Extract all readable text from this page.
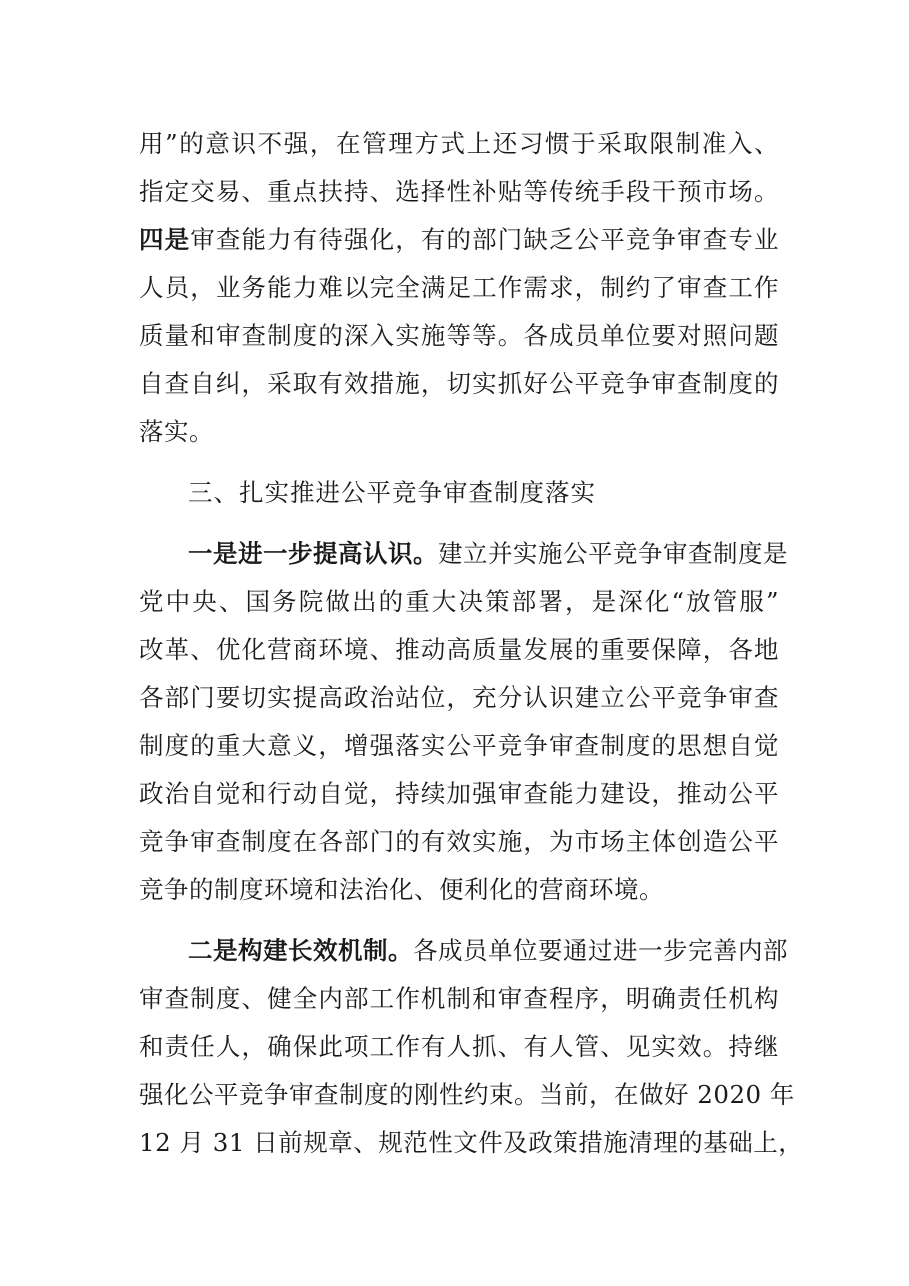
用”的意识不强，在管理方式上还习惯于采取限制准入、
指定交易、重点扶持、选择性补贴等传统手段干预市场。
四是审查能力有待强化，有的部门缺乏公平竞争审查专业
人员，业务能力难以完全满足工作需求，制约了审查工作
质量和审查制度的深入实施等等。各成员单位要对照问题
自查自纠，采取有效措施，切实抓好公平竞争审查制度的
落实。
三、扎实推进公平竞争审查制度落实
一是进一步提高认识。建立并实施公平竞争审查制度是
党中央、国务院做出的重大决策部署，是深化“放管服”
改革、优化营商环境、推动高质量发展的重要保障，各地
各部门要切实提高政治站位，充分认识建立公平竞争审查
制度的重大意义，增强落实公平竞争审查制度的思想自觉
政治自觉和行动自觉，持续加强审查能力建设，推动公平
竞争审查制度在各部门的有效实施，为市场主体创造公平
竞争的制度环境和法治化、便利化的营商环境。
二是构建长效机制。各成员单位要通过进一步完善内部
审查制度、健全内部工作机制和审查程序，明确责任机构
和责任人，确保此项工作有人抓、有人管、见实效。持继
强化公平竞争审查制度的刚性约束。当前，在做好 2020 年
12 月 31 日前规章、规范性文件及政策措施清理的基础上，
